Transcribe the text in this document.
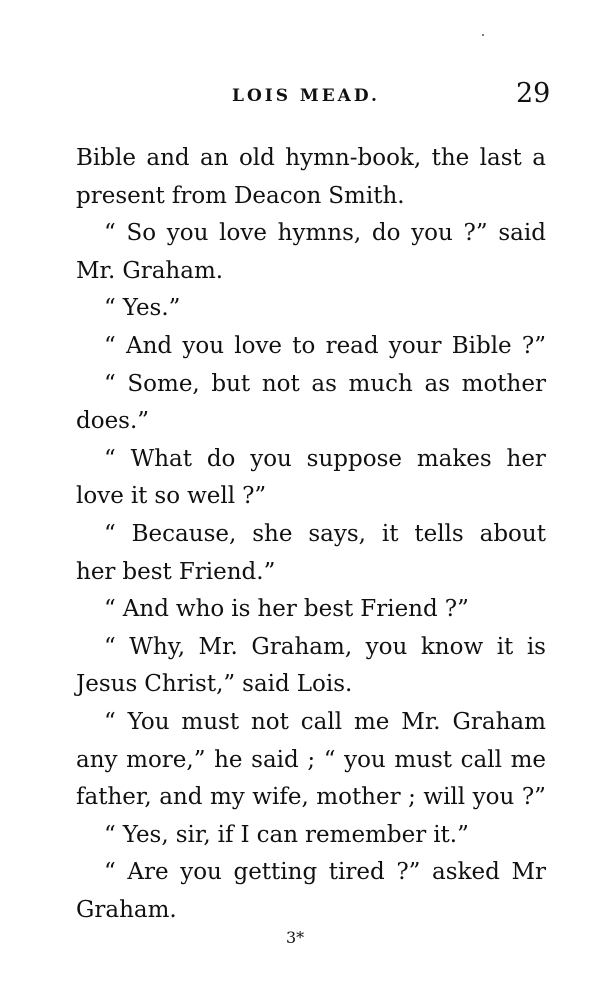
LOIS MEAD.	29
Bible and an old hymn-book, the last a
present from Deacon Smith.
“ So you love hymns, do you ?” said
Mr. Graham.
“ Yes.”
“ And you love to read your Bible ?”
“ Some, but not as much as mother
does.”
“ What do you suppose makes her
love it so well ?”
“ Because, she says, it tells about
her best Friend.”
“ And who is her best Friend ?”
“ Why, Mr. Graham, you know it is
Jesus Christ,” said Lois.
“ You must not call me Mr. Graham
any more,” he said ; “ you must call me
father, and my wife, mother ; will you ?”
“ Yes, sir, if I can remember it.”
“ Are you getting tired ?” asked Mr
Graham.
3*
